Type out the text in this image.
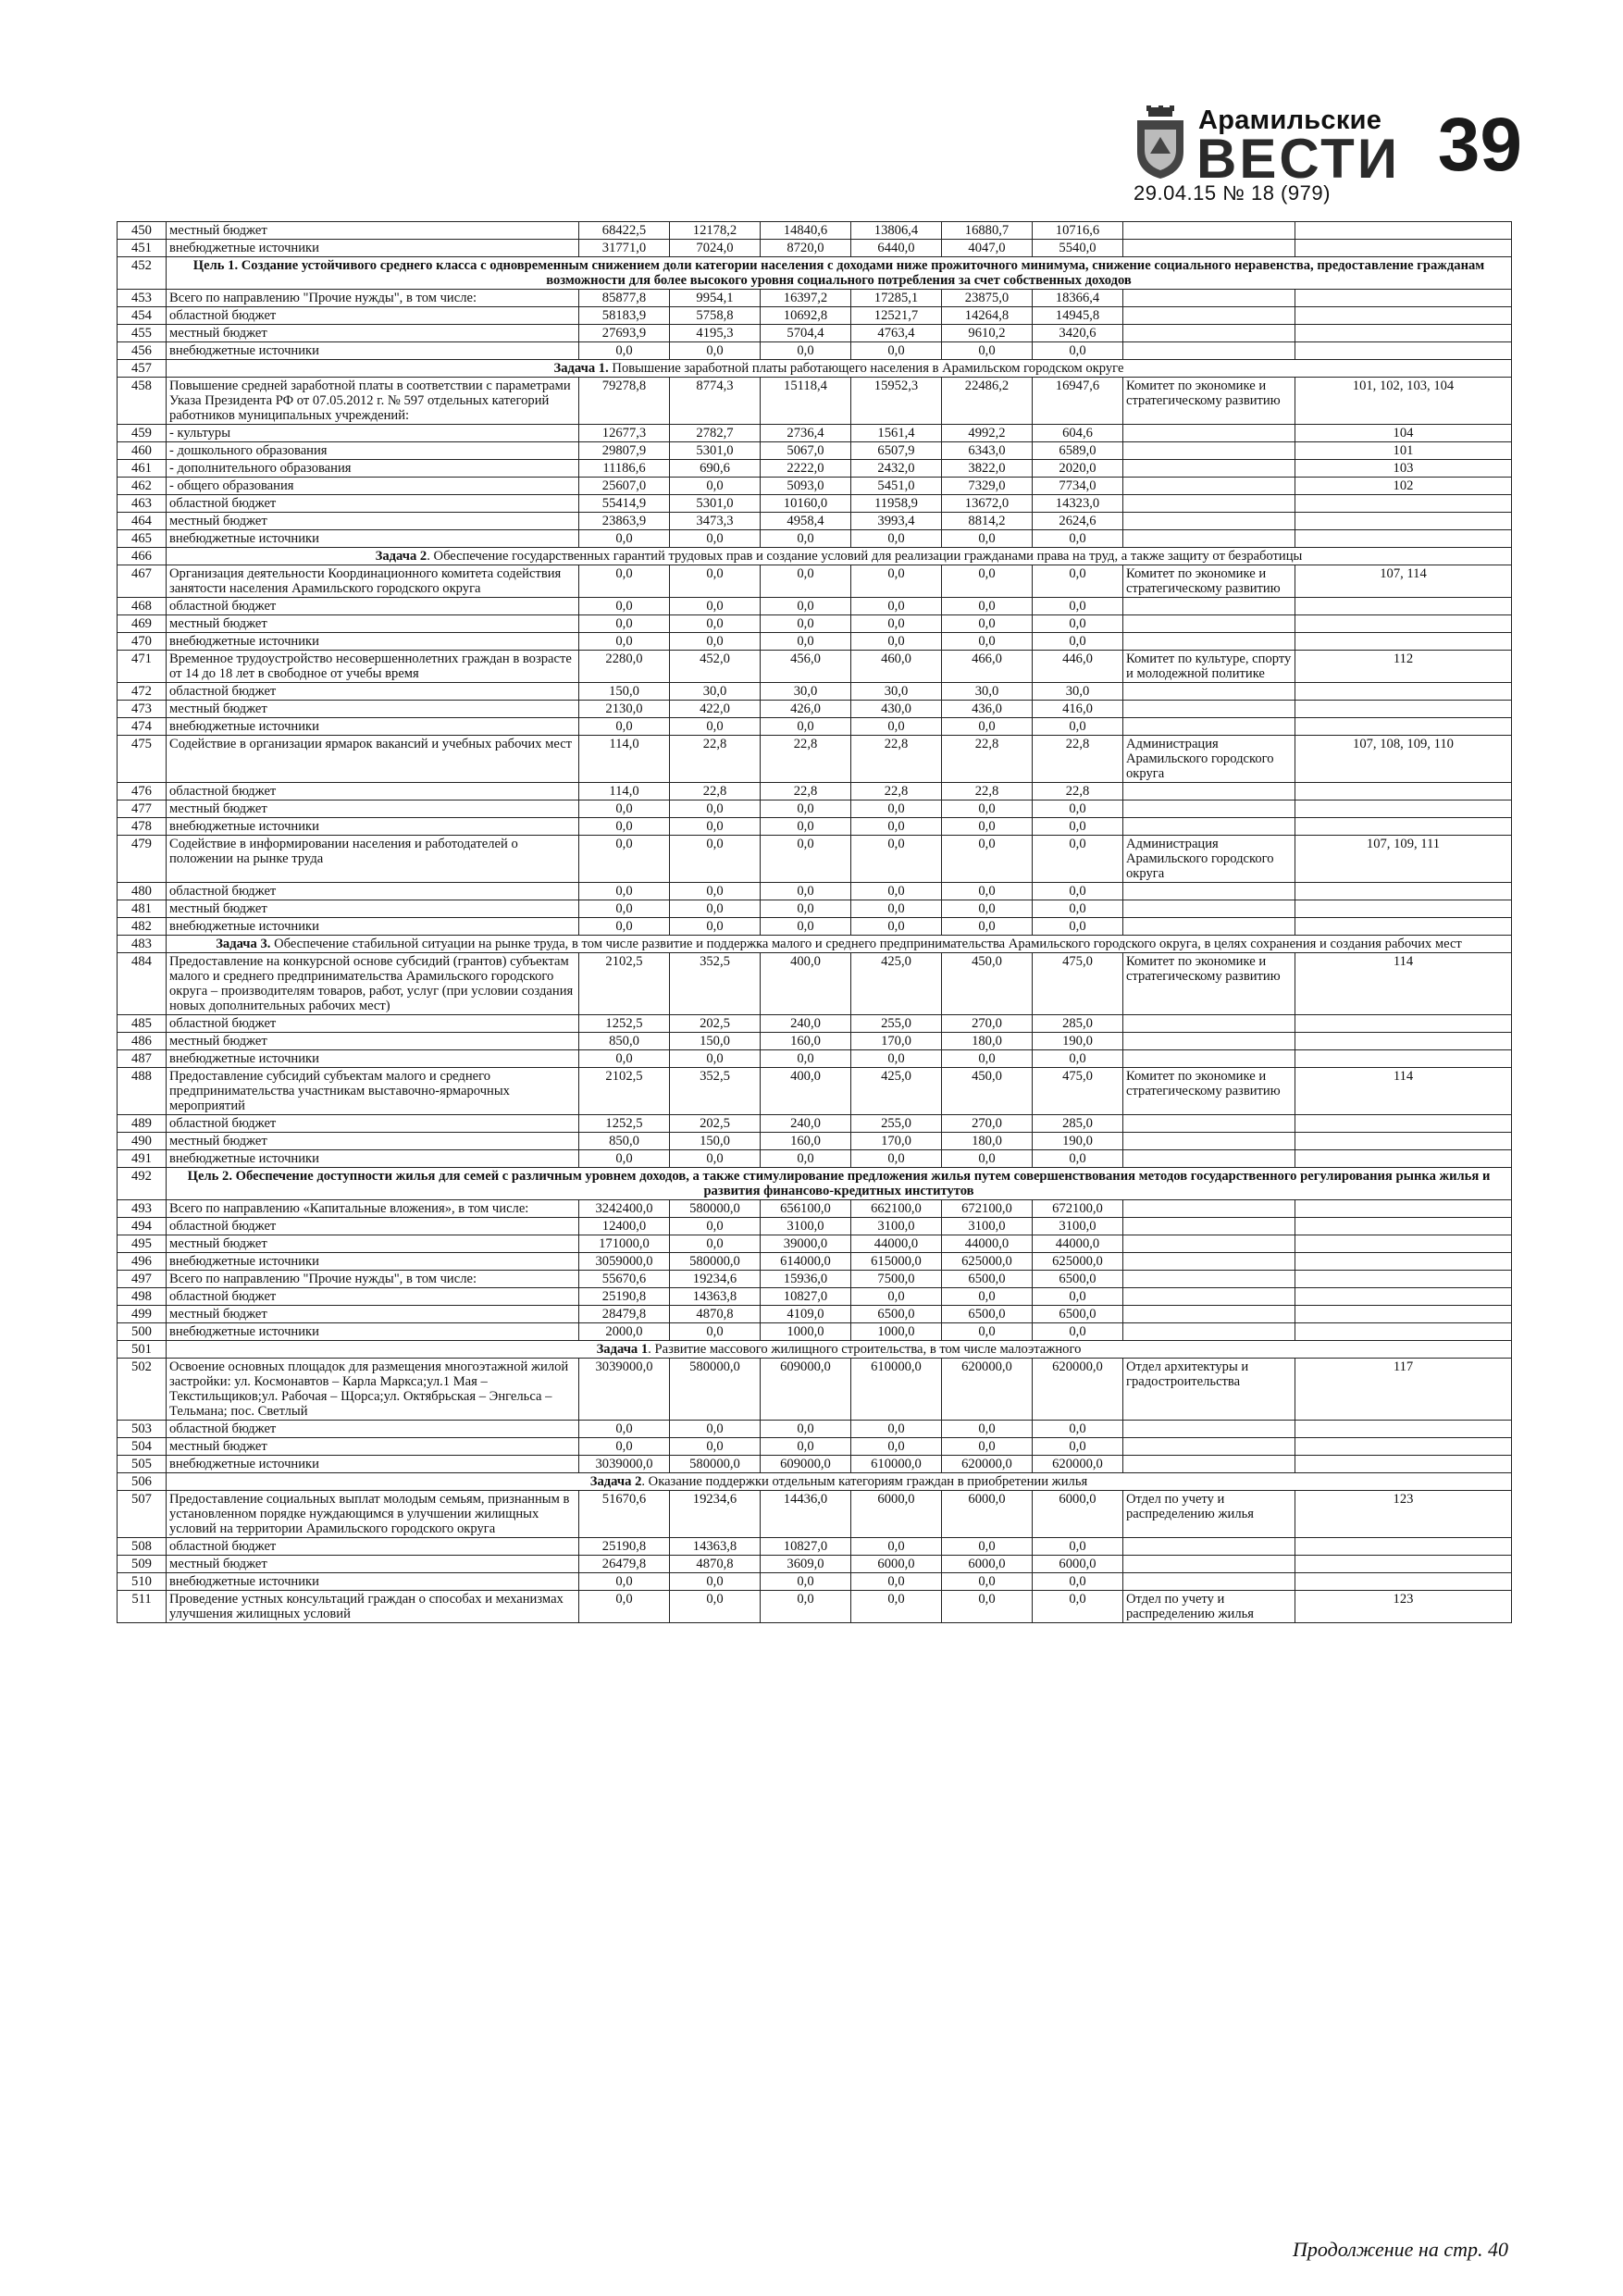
Арамильские
ВЕСТИ
29.04.15 № 18 (979)
39
450	местный бюджет	68422,5	12178,2	14840,6	13806,4	16880,7	10716,6		
451	внебюджетные источники	31771,0	7024,0	8720,0	6440,0	4047,0	5540,0		
452	Цель 1. Создание устойчивого среднего класса с одновременным снижением доли категории населения с доходами ниже прожиточного минимума, снижение социального неравенства, предоставление гражданам возможности для более высокого уровня социального потребления за счет собственных доходов								
453	Всего по направлению "Прочие нужды", в том числе:	85877,8	9954,1	16397,2	17285,1	23875,0	18366,4		
454	областной бюджет	58183,9	5758,8	10692,8	12521,7	14264,8	14945,8		
455	местный бюджет	27693,9	4195,3	5704,4	4763,4	9610,2	3420,6		
456	внебюджетные источники	0,0	0,0	0,0	0,0	0,0	0,0		
457	Задача 1. Повышение заработной платы работающего населения в Арамильском городском округе								
458	Повышение средней заработной платы в соответствии с параметрами Указа Президента РФ от 07.05.2012 г. № 597 отдельных категорий работников муниципальных учреждений:	79278,8	8774,3	15118,4	15952,3	22486,2	16947,6	Комитет по экономике и стратегическому развитию	101, 102, 103, 104
459	- культуры	12677,3	2782,7	2736,4	1561,4	4992,2	604,6		104
460	- дошкольного образования	29807,9	5301,0	5067,0	6507,9	6343,0	6589,0		101
461	- дополнительного образования	11186,6	690,6	2222,0	2432,0	3822,0	2020,0		103
462	- общего образования	25607,0	0,0	5093,0	5451,0	7329,0	7734,0		102
463	областной бюджет	55414,9	5301,0	10160,0	11958,9	13672,0	14323,0		
464	местный бюджет	23863,9	3473,3	4958,4	3993,4	8814,2	2624,6		
465	внебюджетные источники	0,0	0,0	0,0	0,0	0,0	0,0		
466	Задача 2. Обеспечение государственных гарантий трудовых прав и создание условий для реализации гражданами права на труд, а также защиту от безработицы								
467	Организация деятельности Координационного комитета содействия занятости населения Арамильского городского округа	0,0	0,0	0,0	0,0	0,0	0,0	Комитет по экономике и стратегическому развитию	107, 114
468	областной бюджет	0,0	0,0	0,0	0,0	0,0	0,0		
469	местный бюджет	0,0	0,0	0,0	0,0	0,0	0,0		
470	внебюджетные источники	0,0	0,0	0,0	0,0	0,0	0,0		
471	Временное трудоустройство несовершеннолетних граждан в возрасте от 14 до 18 лет в свободное от учебы время	2280,0	452,0	456,0	460,0	466,0	446,0	Комитет по культуре, спорту и молодежной политике	112
472	областной бюджет	150,0	30,0	30,0	30,0	30,0	30,0		
473	местный бюджет	2130,0	422,0	426,0	430,0	436,0	416,0		
474	внебюджетные источники	0,0	0,0	0,0	0,0	0,0	0,0		
475	Содействие в организации ярмарок вакансий и учебных рабочих мест	114,0	22,8	22,8	22,8	22,8	22,8	Администрация Арамильского городского округа	107, 108, 109, 110
476	областной бюджет	114,0	22,8	22,8	22,8	22,8	22,8		
477	местный бюджет	0,0	0,0	0,0	0,0	0,0	0,0		
478	внебюджетные источники	0,0	0,0	0,0	0,0	0,0	0,0		
479	Содействие в информировании населения и работодателей о положении на рынке труда	0,0	0,0	0,0	0,0	0,0	0,0	Администрация Арамильского городского округа	107, 109, 111
480	областной бюджет	0,0	0,0	0,0	0,0	0,0	0,0		
481	местный бюджет	0,0	0,0	0,0	0,0	0,0	0,0		
482	внебюджетные источники	0,0	0,0	0,0	0,0	0,0	0,0		
483	Задача 3. Обеспечение стабильной ситуации на рынке труда, в том числе развитие и поддержка малого и среднего предпринимательства Арамильского городского округа, в целях сохранения и создания рабочих мест								
484	Предоставление на конкурсной основе субсидий (грантов) субъектам малого и среднего предпринимательства Арамильского городского округа – производителям товаров, работ, услуг (при условии создания новых дополнительных рабочих мест)	2102,5	352,5	400,0	425,0	450,0	475,0	Комитет по экономике и стратегическому развитию	114
485	областной бюджет	1252,5	202,5	240,0	255,0	270,0	285,0		
486	местный бюджет	850,0	150,0	160,0	170,0	180,0	190,0		
487	внебюджетные источники	0,0	0,0	0,0	0,0	0,0	0,0		
488	Предоставление субсидий субъектам малого и среднего предпринимательства участникам выставочно-ярмарочных мероприятий	2102,5	352,5	400,0	425,0	450,0	475,0	Комитет по экономике и стратегическому развитию	114
489	областной бюджет	1252,5	202,5	240,0	255,0	270,0	285,0		
490	местный бюджет	850,0	150,0	160,0	170,0	180,0	190,0		
491	внебюджетные источники	0,0	0,0	0,0	0,0	0,0	0,0		
492	Цель 2. Обеспечение доступности жилья для семей с различным уровнем доходов, а также стимулирование предложения жилья путем совершенствования методов государственного регулирования рынка жилья и развития финансово-кредитных институтов								
493	Всего по направлению «Капитальные вложения», в том числе:	3242400,0	580000,0	656100,0	662100,0	672100,0	672100,0		
494	областной бюджет	12400,0	0,0	3100,0	3100,0	3100,0	3100,0		
495	местный бюджет	171000,0	0,0	39000,0	44000,0	44000,0	44000,0		
496	внебюджетные источники	3059000,0	580000,0	614000,0	615000,0	625000,0	625000,0		
497	Всего по направлению "Прочие нужды", в том числе:	55670,6	19234,6	15936,0	7500,0	6500,0	6500,0		
498	областной бюджет	25190,8	14363,8	10827,0	0,0	0,0	0,0		
499	местный бюджет	28479,8	4870,8	4109,0	6500,0	6500,0	6500,0		
500	внебюджетные источники	2000,0	0,0	1000,0	1000,0	0,0	0,0		
501	Задача 1. Развитие массового жилищного строительства, в том числе малоэтажного								
502	Освоение основных площадок для размещения многоэтажной жилой застройки: ул. Космонавтов – Карла Маркса;ул.1 Мая – Текстильщиков;ул. Рабочая – Щорса;ул. Октябрьская – Энгельса – Тельмана; пос. Светлый	3039000,0	580000,0	609000,0	610000,0	620000,0	620000,0	Отдел архитектуры и градостроительства	117
503	областной бюджет	0,0	0,0	0,0	0,0	0,0	0,0		
504	местный бюджет	0,0	0,0	0,0	0,0	0,0	0,0		
505	внебюджетные источники	3039000,0	580000,0	609000,0	610000,0	620000,0	620000,0		
506	Задача 2. Оказание поддержки отдельным категориям граждан в приобретении жилья								
507	Предоставление социальных выплат молодым семьям, признанным в установленном порядке нуждающимся в улучшении жилищных условий на территории Арамильского городского округа	51670,6	19234,6	14436,0	6000,0	6000,0	6000,0	Отдел по учету и распределению жилья	123
508	областной бюджет	25190,8	14363,8	10827,0	0,0	0,0	0,0		
509	местный бюджет	26479,8	4870,8	3609,0	6000,0	6000,0	6000,0		
510	внебюджетные источники	0,0	0,0	0,0	0,0	0,0	0,0		
511	Проведение устных консультаций граждан о способах и механизмах улучшения жилищных условий	0,0	0,0	0,0	0,0	0,0	0,0	Отдел по учету и распределению жилья	123
Продолжение на стр. 40
